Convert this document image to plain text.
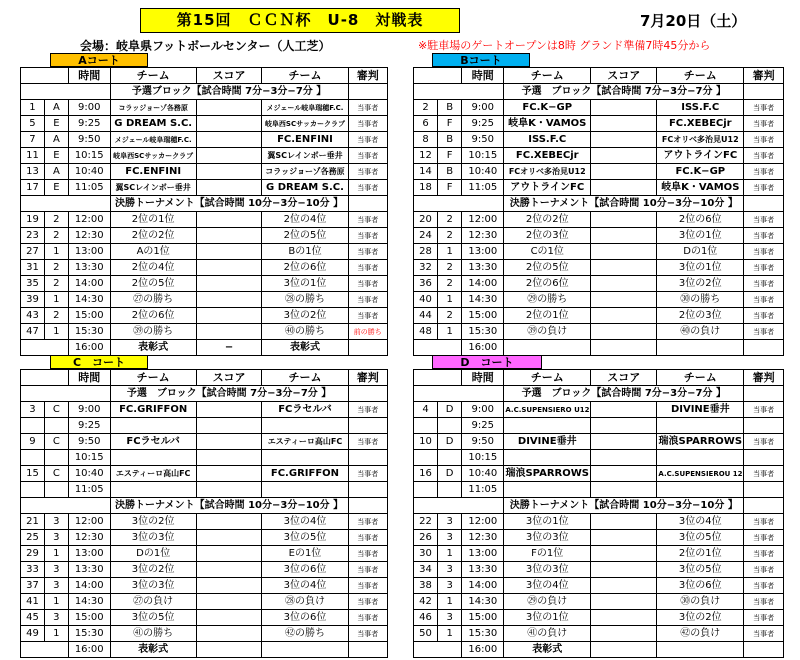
第15回　ＣＣＮ杯　U-8　対戦表	7月20日（土）
会場：岐阜県フットボールセンター（人工芝）	※駐車場のゲートオープンは8時 グランド準備7時45分から
Aコート	Bコート
C　コート	D　コート
		時間	チーム	スコア	チーム	審判
			予選ブロック【試合時間 7分−3分−7分 】			
1	A	9:00	コラッジョーゾ各務原		メジェール岐阜瑞穂F.C.	当事者
5	E	9:25	G DREAM S.C.		岐阜西SCサッカークラブ	当事者
7	A	9:50	メジェール岐阜瑞穂F.C.		FC.ENFINI	当事者
11	E	10:15	岐阜西SCサッカークラブ		翼SCレインボー垂井	当事者
13	A	10:40	FC.ENFINI		コラッジョーゾ各務原	当事者
17	E	11:05	翼SCレインボー垂井		G DREAM S.C.	当事者
			決勝トーナメント【試合時間 10分−3分−10分 】			
19	2	12:00	2位の1位		2位の4位	当事者
23	2	12:30	2位の2位		2位の5位	当事者
27	1	13:00	Aの1位		Bの1位	当事者
31	2	13:30	2位の4位		2位の6位	当事者
35	2	14:00	2位の5位		3位の1位	当事者
39	1	14:30	㉗の勝ち		㉘の勝ち	当事者
43	2	15:00	2位の6位		3位の2位	当事者
47	1	15:30	㊴の勝ち		㊵の勝ち	前の勝ち
		16:00	表彰式	−	表彰式	
		時間	チーム	スコア	チーム	審判
			予選　ブロック【試合時間 7分−3分−7分 】			
2	B	9:00	FC.K−GP		ISS.F.C	当事者
6	F	9:25	岐阜K・VAMOS		FC.XEBECjr	当事者
8	B	9:50	ISS.F.C		FCオリベ多治見U12	当事者
12	F	10:15	FC.XEBECjr		アウトラインFC	当事者
14	B	10:40	FCオリベ多治見U12		FC.K−GP	当事者
18	F	11:05	アウトラインFC		岐阜K・VAMOS	当事者
			決勝トーナメント【試合時間 10分−3分−10分 】			
20	2	12:00	2位の2位		2位の6位	当事者
24	2	12:30	2位の3位		3位の1位	当事者
28	1	13:00	Cの1位		Dの1位	当事者
32	2	13:30	2位の5位		3位の1位	当事者
36	2	14:00	2位の6位		3位の2位	当事者
40	1	14:30	㉙の勝ち		㉚の勝ち	当事者
44	2	15:00	2位の1位		2位の3位	当事者
48	1	15:30	㊴の負け		㊵の負け	当事者
		16:00				
		時間	チーム	スコア	チーム	審判
			予選　ブロック【試合時間 7分−3分−7分 】			
3	C	9:00	FC.GRIFFON		FCラセルバ	当事者
		9:25				
9	C	9:50	FCラセルバ		エスティーロ高山FC	当事者
		10:15				
15	C	10:40	エスティーロ高山FC		FC.GRIFFON	当事者
		11:05				
			決勝トーナメント【試合時間 10分−3分−10分 】			
21	3	12:00	3位の2位		3位の4位	当事者
25	3	12:30	3位の3位		3位の5位	当事者
29	1	13:00	Dの1位		Eの1位	当事者
33	3	13:30	3位の2位		3位の6位	当事者
37	3	14:00	3位の3位		3位の4位	当事者
41	1	14:30	㉗の負け		㉘の負け	当事者
45	3	15:00	3位の5位		3位の6位	当事者
49	1	15:30	㊶の勝ち		㊷の勝ち	当事者
		16:00	表彰式			
		時間	チーム	スコア	チーム	審判
			予選　ブロック【試合時間 7分−3分−7分 】			
4	D	9:00	A.C.SUPENSIERO U12		DIVINE垂井	当事者
		9:25				
10	D	9:50	DIVINE垂井		瑞浪SPARROWS	当事者
		10:15				
16	D	10:40	瑞浪SPARROWS		A.C.SUPENSIEROU 12	当事者
		11:05				
			決勝トーナメント【試合時間 10分−3分−10分 】			
22	3	12:00	3位の1位		3位の4位	当事者
26	3	12:30	3位の3位		3位の5位	当事者
30	1	13:00	Fの1位		2位の1位	当事者
34	3	13:30	3位の3位		3位の5位	当事者
38	3	14:00	3位の4位		3位の6位	当事者
42	1	14:30	㉙の負け		㉚の負け	当事者
46	3	15:00	3位の1位		3位の2位	当事者
50	1	15:30	㊶の負け		㊷の負け	当事者
		16:00	表彰式			
